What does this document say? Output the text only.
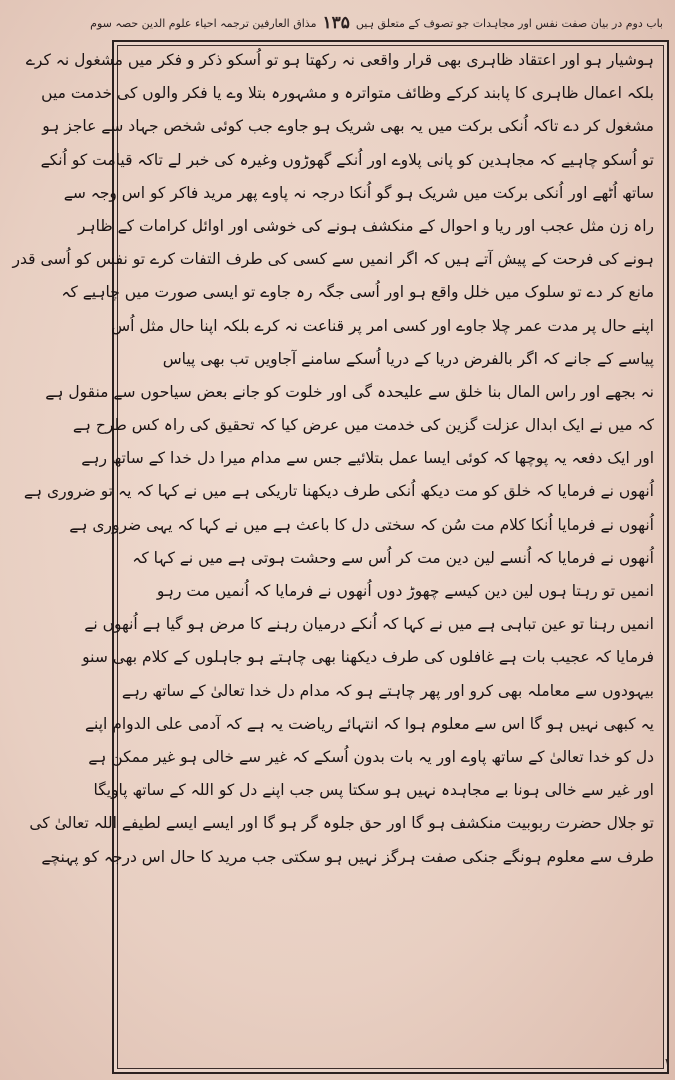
باب دوم در بیان صفت نفس اور مجاہدات جو تصوف کے متعلق ہیں
۱۳۵
مذاق العارفین ترجمہ احیاء علوم الدین حصہ سوم
ہوشیار ہو اور اعتقاد ظاہری بھی قرار واقعی نہ رکھتا ہو تو اُسکو ذکر و فکر میں مشغول نہ کرے
بلکہ اعمال ظاہری کا پابند کرکے وظائف متواترہ و مشہورہ بتلا وے یا فکر والوں کی خدمت میں
مشغول کر دے تاکہ اُنکی برکت میں یہ بھی شریک ہو جاوے جب کوئی شخص جہاد سے عاجز ہو
تو اُسکو چاہیے کہ مجاہدین کو پانی پلاوے اور اُنکے گھوڑوں وغیرہ کی خبر لے تاکہ قیامت کو اُنکے
ساتھ اُٹھے اور اُنکی برکت میں شریک ہو گو اُنکا درجہ نہ پاوے پھر مرید فاکر کو اس وجہ سے
راہ زن مثل عجب اور ریا و احوال کے منکشف ہونے کی خوشی اور اوائل کرامات کے ظاہر
ہونے کی فرحت کے پیش آتے ہیں کہ اگر انمیں سے کسی کی طرف التفات کرے تو نفس کو اُسی قدر
مانع کر دے تو سلوک میں خلل واقع ہو اور اُسی جگہ رہ جاوے تو ایسی صورت میں چاہیے کہ
اپنے حال پر مدت عمر چلا جاوے اور کسی امر پر قناعت نہ کرے بلکہ اپنا حال مثل اُس
پیاسے کے جانے کہ اگر بالفرض دریا کے دریا اُسکے سامنے آجاویں تب بھی پیاس
نہ بجھے اور راس المال بنا خلق سے علیحدہ گی اور خلوت کو جانے بعض سیاحوں سے منقول ہے
کہ میں نے ایک ابدال عزلت گزین کی خدمت میں عرض کیا کہ تحقیق کی راہ کس طرح ہے
اور ایک دفعہ یہ پوچھا کہ کوئی ایسا عمل بتلائیے جس سے مدام میرا دل خدا کے ساتھ رہے
اُنھوں نے فرمایا کہ خلق کو مت دیکھ اُنکی طرف دیکھنا تاریکی ہے میں نے کہا کہ یہ تو ضروری ہے
اُنھوں نے فرمایا اُنکا کلام مت سُن کہ سختی دل کا باعث ہے میں نے کہا کہ یہی ضروری ہے
اُنھوں نے فرمایا کہ اُنسے لین دین مت کر اُس سے وحشت ہوتی ہے میں نے کہا کہ
انمیں تو رہتا ہوں لین دین کیسے چھوڑ دوں اُنھوں نے فرمایا کہ اُنمیں مت رہو
انمیں رہنا تو عین تباہی ہے میں نے کہا کہ اُنکے درمیان رہنے کا مرض ہو گیا ہے اُنھوں نے
فرمایا کہ عجیب بات ہے غافلوں کی طرف دیکھنا بھی چاہتے ہو جاہلوں کے کلام بھی سنو
بیہودوں سے معاملہ بھی کرو اور پھر چاہتے ہو کہ مدام دل خدا تعالیٰ کے ساتھ رہے
یہ کبھی نہیں ہو گا اس سے معلوم ہوا کہ انتہائے ریاضت یہ ہے کہ آدمی علی الدوام اپنے
دل کو خدا تعالیٰ کے ساتھ پاوے اور یہ بات بدون اُسکے کہ غیر سے خالی ہو غیر ممکن ہے
اور غیر سے خالی ہونا بے مجاہدہ نہیں ہو سکتا پس جب اپنے دل کو اللہ کے ساتھ پاویگا
تو جلال حضرت ربوبیت منکشف ہو گا اور حق جلوہ گر ہو گا اور ایسے ایسے لطیفے اللہ تعالیٰ کی
طرف سے معلوم ہونگے جنکی صفت ہرگز نہیں ہو سکتی جب مرید کا حال اس درجہ کو پہنچے
۱
